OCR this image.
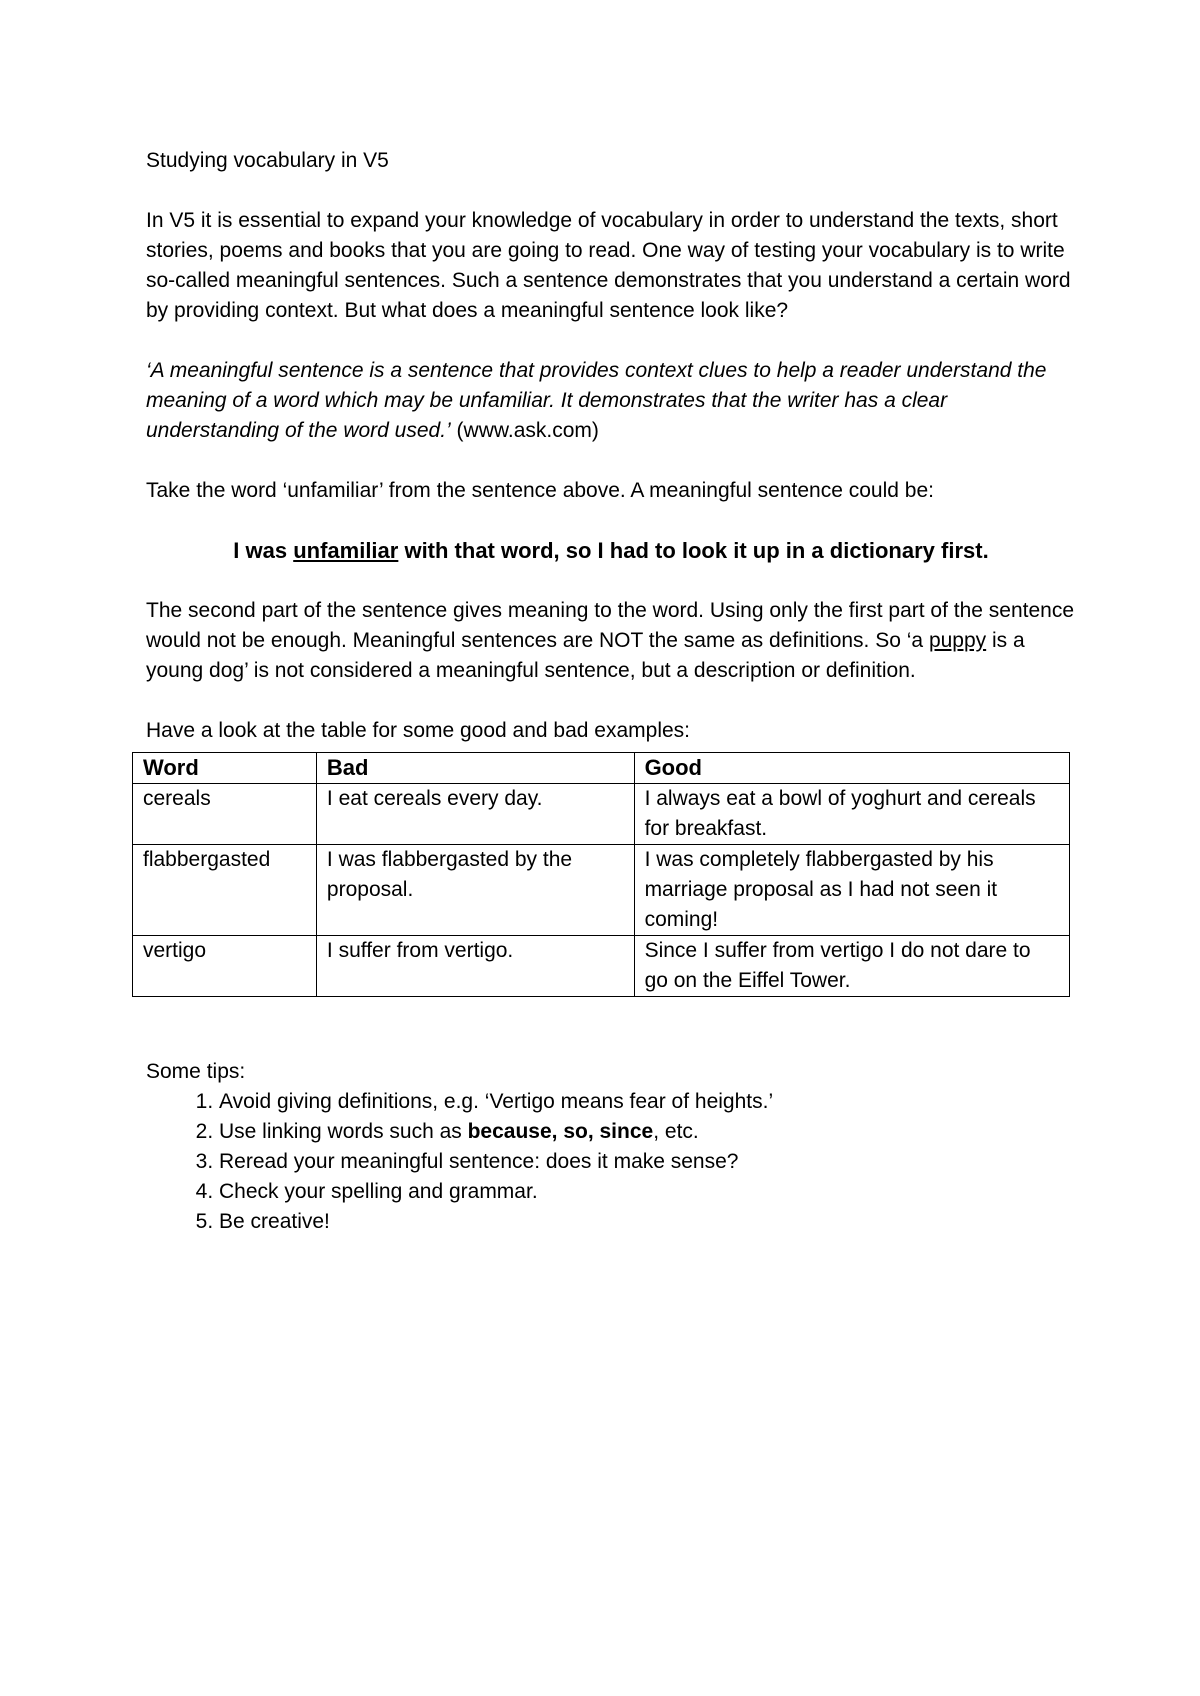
Studying vocabulary in V5

In V5 it is essential to expand your knowledge of vocabulary in order to understand the texts, short stories, poems and books that you are going to read. One way of testing your vocabulary is to write so-called meaningful sentences. Such a sentence demonstrates that you understand a certain word by providing context. But what does a meaningful sentence look like?

‘A meaningful sentence is a sentence that provides context clues to help a reader understand the meaning of a word which may be unfamiliar. It demonstrates that the writer has a clear understanding of the word used.’ (www.ask.com)

Take the word ‘unfamiliar’ from the sentence above. A meaningful sentence could be:

I was unfamiliar with that word, so I had to look it up in a dictionary first.

The second part of the sentence gives meaning to the word. Using only the first part of the sentence would not be enough. Meaningful sentences are NOT the same as definitions. So ‘a puppy is a young dog’ is not considered a meaningful sentence, but a description or definition.

Have a look at the table for some good and bad examples:

Word	Bad	Good
cereals	I eat cereals every day.	I always eat a bowl of yoghurt and cereals for breakfast.
flabbergasted	I was flabbergasted by the proposal.	I was completely flabbergasted by his marriage proposal as I had not seen it coming!
vertigo	I suffer from vertigo.	Since I suffer from vertigo I do not dare to go on the Eiffel Tower.

Some tips:

1. Avoid giving definitions, e.g. ‘Vertigo means fear of heights.’
2. Use linking words such as because, so, since, etc.
3. Reread your meaningful sentence: does it make sense?
4. Check your spelling and grammar.
5. Be creative!
